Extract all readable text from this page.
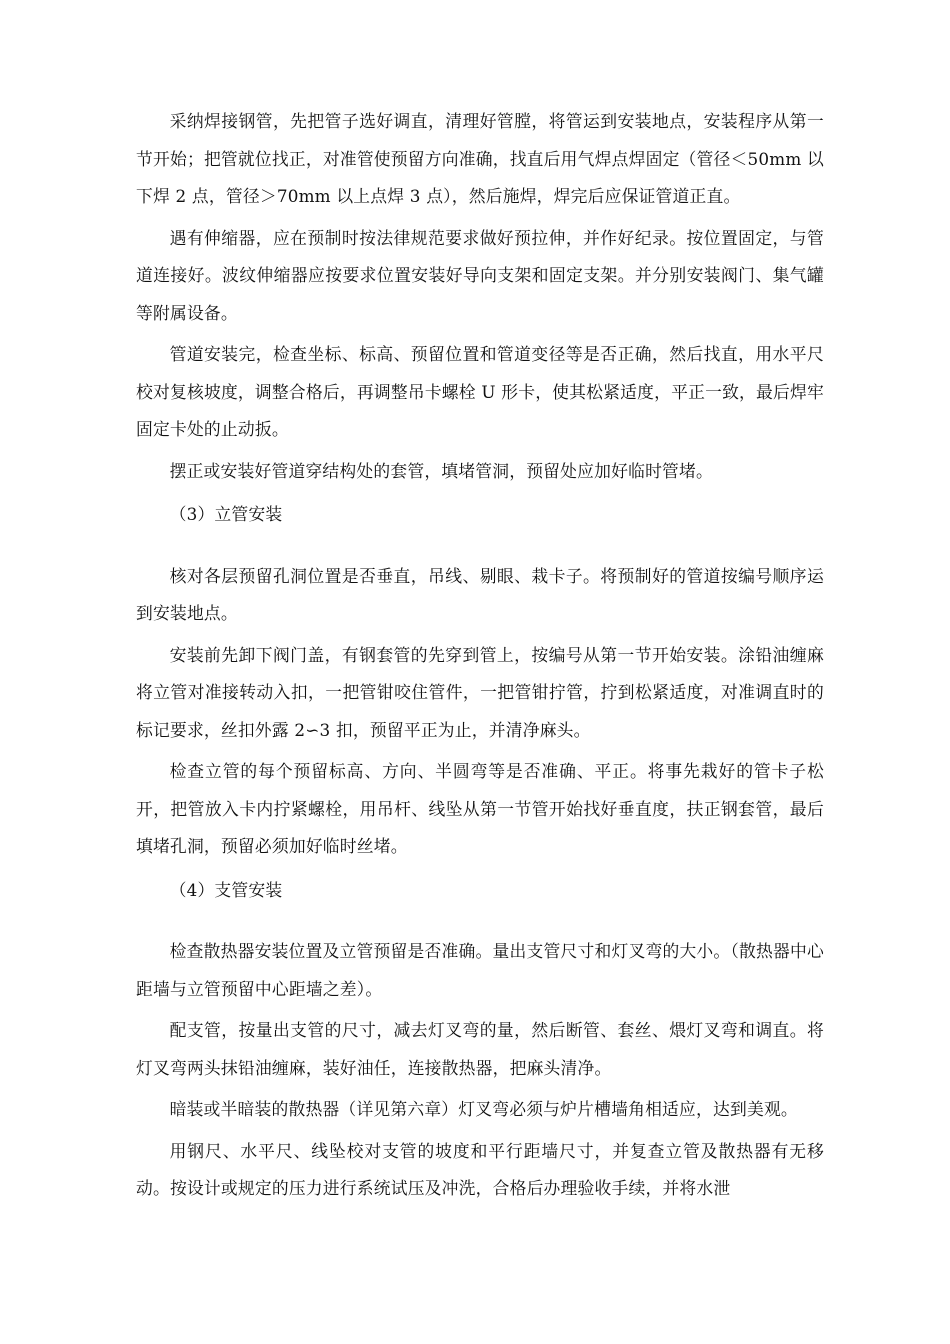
采纳焊接钢管，先把管子选好调直，清理好管膛，将管运到安装地点，安装程序从第一节开始；把管就位找正，对准管使预留方向准确，找直后用气焊点焊固定（管径＜50mm 以下焊 2 点，管径＞70mm 以上点焊 3 点），然后施焊，焊完后应保证管道正直。

遇有伸缩器，应在预制时按法律规范要求做好预拉伸，并作好纪录。按位置固定，与管道连接好。波纹伸缩器应按要求位置安装好导向支架和固定支架。并分别安装阀门、集气罐等附属设备。

管道安装完，检查坐标、标高、预留位置和管道变径等是否正确，然后找直，用水平尺校对复核坡度，调整合格后，再调整吊卡螺栓 U 形卡，使其松紧适度，平正一致，最后焊牢固定卡处的止动扳。

摆正或安装好管道穿结构处的套管，填堵管洞，预留处应加好临时管堵。

（3）立管安装

核对各层预留孔洞位置是否垂直，吊线、剔眼、栽卡子。将预制好的管道按编号顺序运到安装地点。

安装前先卸下阀门盖，有钢套管的先穿到管上，按编号从第一节开始安装。涂铅油缠麻将立管对准接转动入扣，一把管钳咬住管件，一把管钳拧管，拧到松紧适度，对准调直时的标记要求，丝扣外露 2∽3 扣，预留平正为止，并清净麻头。

检查立管的每个预留标高、方向、半圆弯等是否准确、平正。将事先栽好的管卡子松开，把管放入卡内拧紧螺栓，用吊杆、线坠从第一节管开始找好垂直度，扶正钢套管，最后填堵孔洞，预留必须加好临时丝堵。

（4）支管安装

检查散热器安装位置及立管预留是否准确。量出支管尺寸和灯叉弯的大小。（散热器中心距墙与立管预留中心距墙之差）。

配支管，按量出支管的尺寸，减去灯叉弯的量，然后断管、套丝、煨灯叉弯和调直。将灯叉弯两头抹铅油缠麻，装好油任，连接散热器，把麻头清净。

暗装或半暗装的散热器（详见第六章）灯叉弯必须与炉片槽墙角相适应，达到美观。

用钢尺、水平尺、线坠校对支管的坡度和平行距墙尺寸，并复查立管及散热器有无移动。按设计或规定的压力进行系统试压及冲洗，合格后办理验收手续，并将水泄
